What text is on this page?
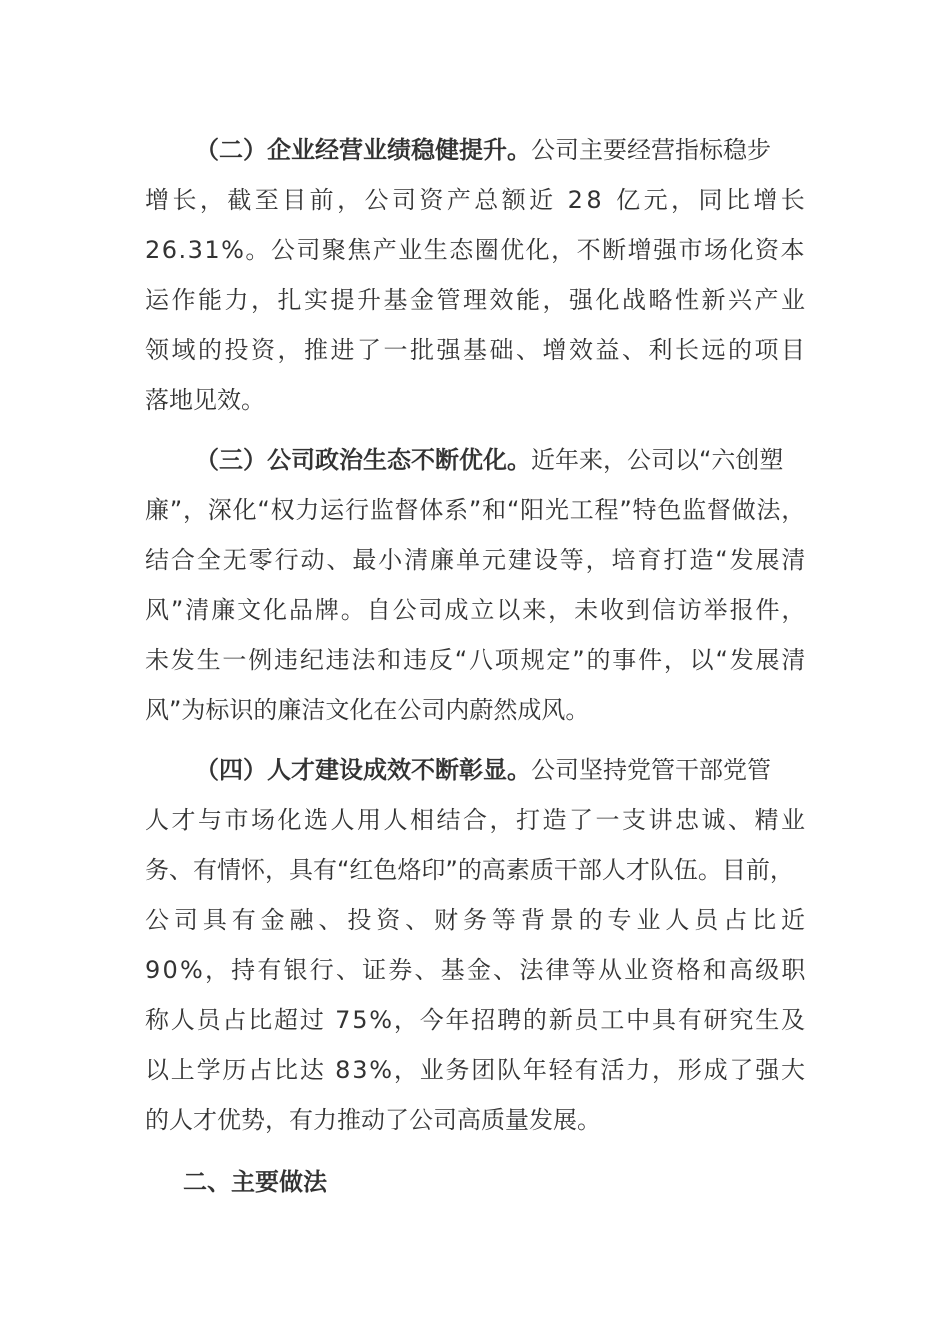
（二）企业经营业绩稳健提升。 公司主要经营指标稳步
增长，截至目前，公司资产总额近 28 亿元，同比增长
26.31%。公司聚焦产业生态圈优化，不断增强市场化资本
运作能力，扎实提升基金管理效能，强化战略性新兴产业
领域的投资，推进了一批强基础、增效益、利长远的项目
落地见效。
（三）公司政治生态不断优化。 近年来，公司以“六创塑
廉”，深化“权力运行监督体系”和“阳光工程”特色监督做法，
结合全无零行动、最小清廉单元建设等，培育打造“发展清
风”清廉文化品牌。自公司成立以来，未收到信访举报件，
未发生一例违纪违法和违反“八项规定”的事件，以“发展清
风”为标识的廉洁文化在公司内蔚然成风。
（四）人才建设成效不断彰显。 公司坚持党管干部党管
人才与市场化选人用人相结合，打造了一支讲忠诚、精业
务、有情怀，具有“红色烙印”的高素质干部人才队伍。目前，
公司具有金融、投资、财务等背景的专业人员占比近
90%，持有银行、证券、基金、法律等从业资格和高级职
称人员占比超过 75%，今年招聘的新员工中具有研究生及
以上学历占比达 83%，业务团队年轻有活力，形成了强大
的人才优势，有力推动了公司高质量发展。
二、主要做法
